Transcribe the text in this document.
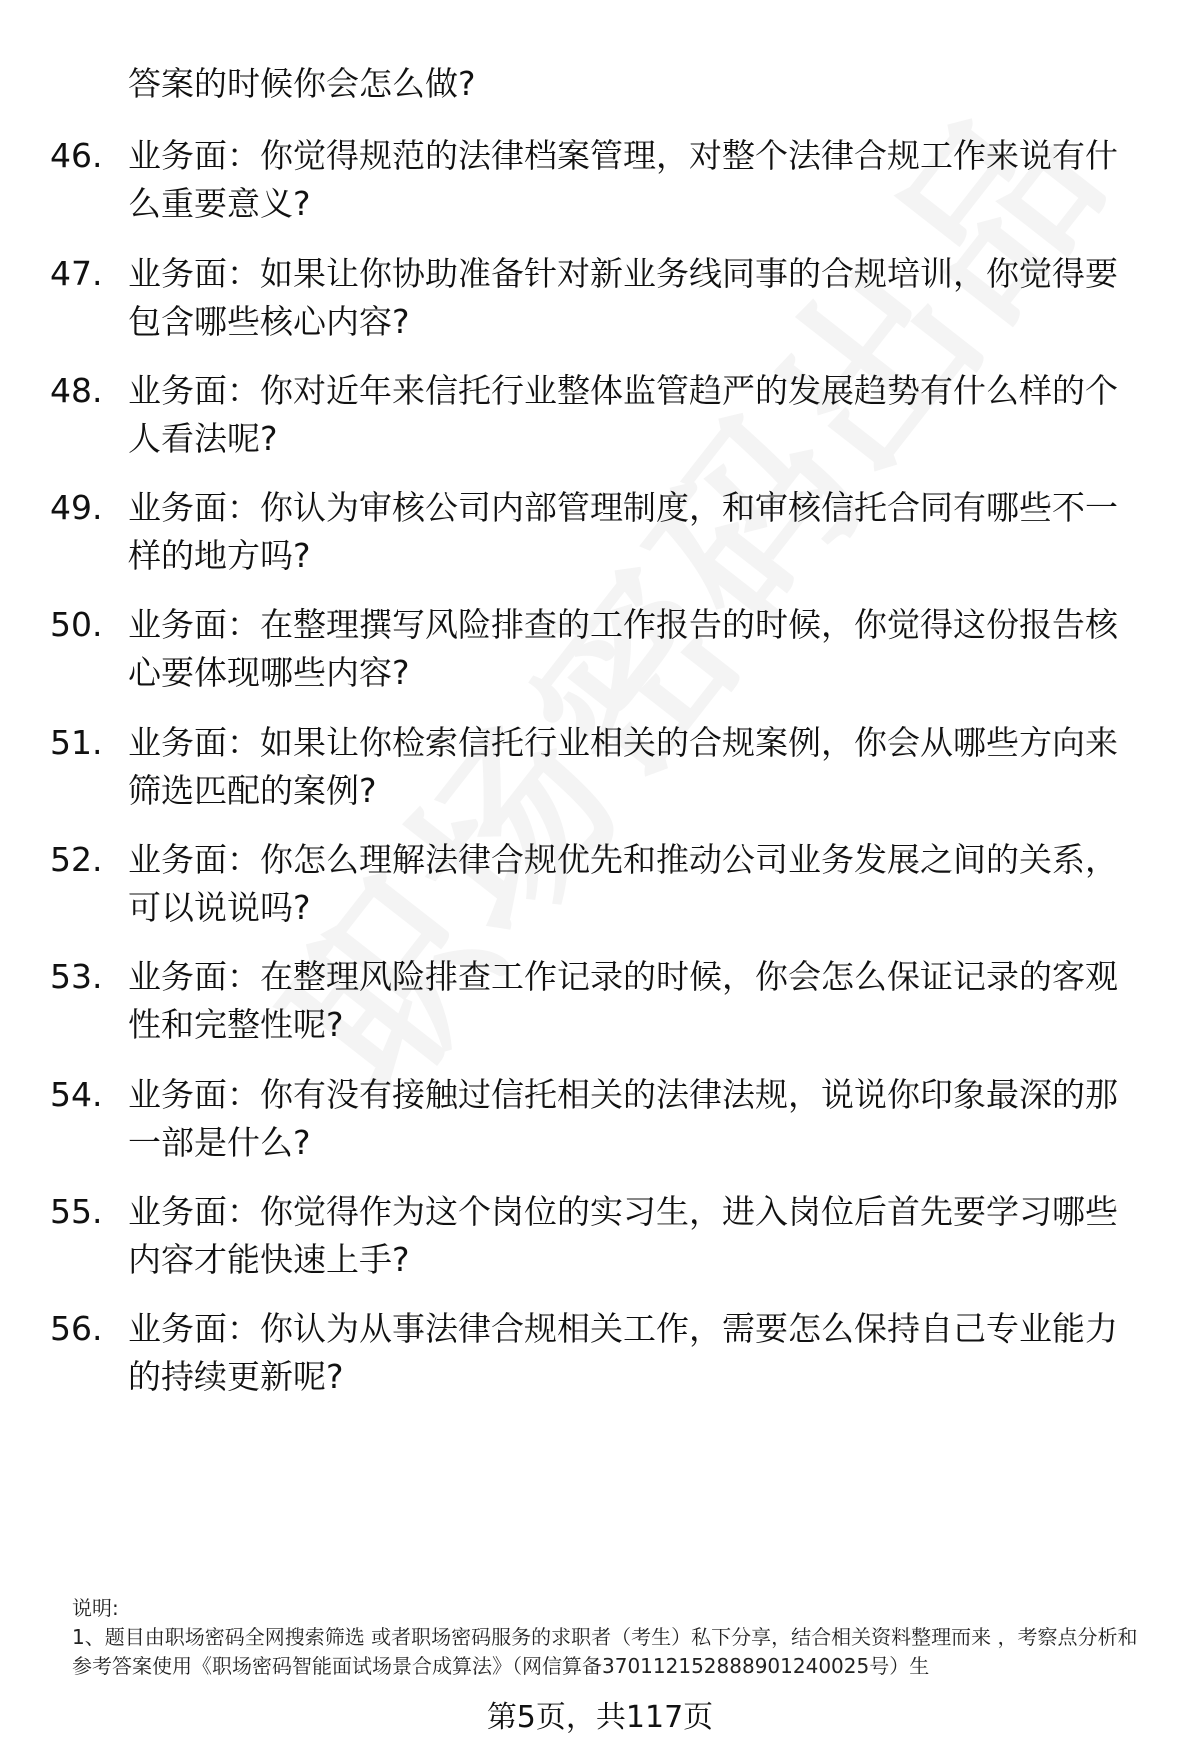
答案的时候你会怎么做?
46. 业务面：你觉得规范的法律档案管理，对整个法律合规工作来说有什么重要意义?
47. 业务面：如果让你协助准备针对新业务线同事的合规培训，你觉得要包含哪些核心内容?
48. 业务面：你对近年来信托行业整体监管趋严的发展趋势有什么样的个人看法呢?
49. 业务面：你认为审核公司内部管理制度，和审核信托合同有哪些不一样的地方吗?
50. 业务面：在整理撰写风险排查的工作报告的时候，你觉得这份报告核心要体现哪些内容?
51. 业务面：如果让你检索信托行业相关的合规案例，你会从哪些方向来筛选匹配的案例?
52. 业务面：你怎么理解法律合规优先和推动公司业务发展之间的关系，可以说说吗?
53. 业务面：在整理风险排查工作记录的时候，你会怎么保证记录的客观性和完整性呢?
54. 业务面：你有没有接触过信托相关的法律法规，说说你印象最深的那一部是什么?
55. 业务面：你觉得作为这个岗位的实习生，进入岗位后首先要学习哪些内容才能快速上手?
56. 业务面：你认为从事法律合规相关工作，需要怎么保持自己专业能力的持续更新呢?
说明:
1、题目由职场密码全网搜索筛选 或者职场密码服务的求职者（考生）私下分享，结合相关资料整理而来 ，考察点分析和参考答案使用《职场密码智能面试场景合成算法》（网信算备370112152888901240025号）生
第5页，共117页
